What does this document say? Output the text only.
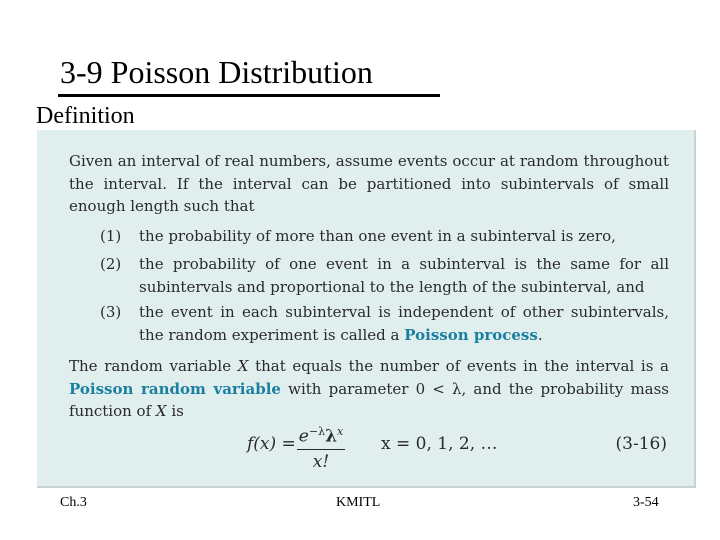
3-9 Poisson Distribution
Definition

Given an interval of real numbers, assume events occur at random throughout the interval. If the interval can be partitioned into subintervals of small enough length such that

(1) the probability of more than one event in a subinterval is zero,
(2) the probability of one event in a subinterval is the same for all subintervals and proportional to the length of the subinterval, and
(3) the event in each subinterval is independent of other subintervals, the random experiment is called a Poisson process.

The random variable X that equals the number of events in the interval is a Poisson random variable with parameter 0 < λ, and the probability mass function of X is

$f(x) = e^{-\lambda}\lambda^x$
x!
x = 0, 1, 2, …	(3-16)
Ch.3	KMITL	3-54
